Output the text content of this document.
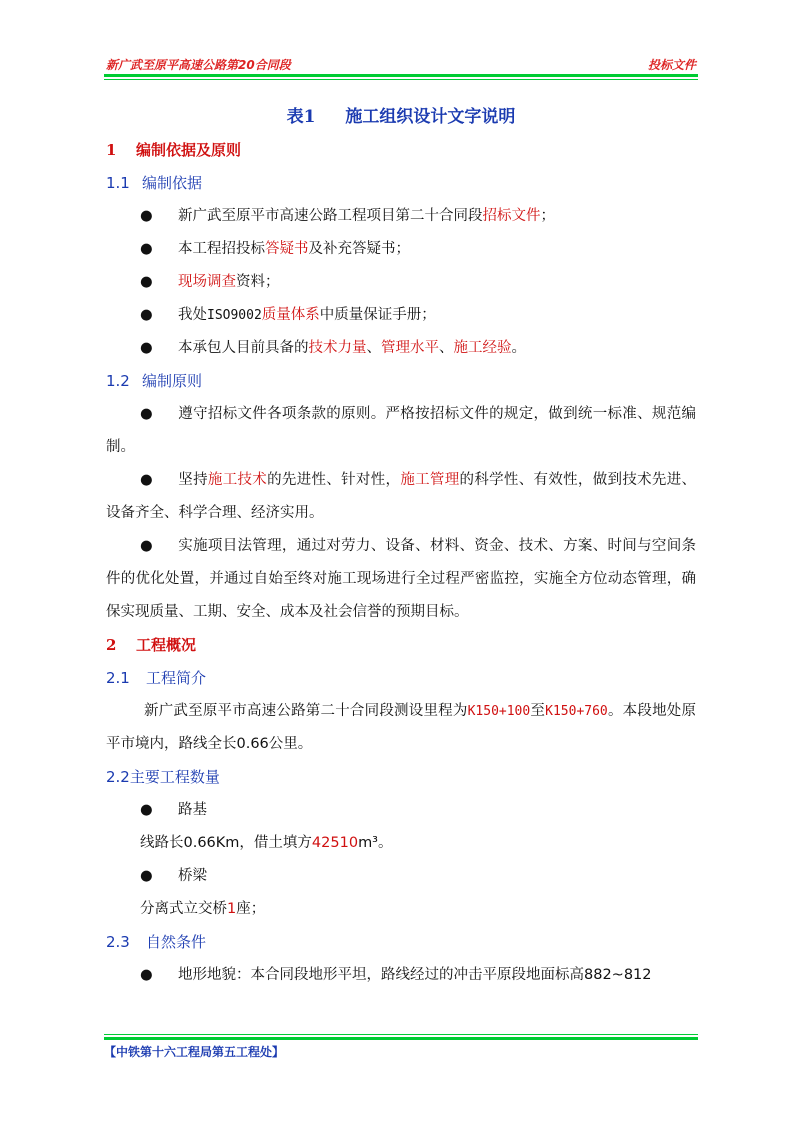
新广武至原平高速公路第20合同段	投标文件

表1 施工组织设计文字说明

1 编制依据及原则

1.1 编制依据

● 新广武至原平市高速公路工程项目第二十合同段招标文件；

● 本工程招投标答疑书及补充答疑书；

● 现场调查资料；

● 我处ISO9002质量体系中质量保证手册；

● 本承包人目前具备的技术力量、管理水平、施工经验。

1.2 编制原则

● 遵守招标文件各项条款的原则。严格按招标文件的规定，做到统一标准、规范编制。

● 坚持施工技术的先进性、针对性，施工管理的科学性、有效性，做到技术先进、设备齐全、科学合理、经济实用。

● 实施项目法管理，通过对劳力、设备、材料、资金、技术、方案、时间与空间条件的优化处置，并通过自始至终对施工现场进行全过程严密监控，实施全方位动态管理，确保实现质量、工期、安全、成本及社会信誉的预期目标。

2 工程概况

2.1 工程简介

新广武至原平市高速公路第二十合同段测设里程为K150+100至K150+760。本段地处原平市境内，路线全长0.66公里。

2.2主要工程数量

● 路基

线路长0.66Km，借土填方42510m³。

● 桥梁

分离式立交桥1座；

2.3 自然条件

● 地形地貌：本合同段地形平坦，路线经过的冲击平原段地面标高882~812

【中铁第十六工程局第五工程处】
